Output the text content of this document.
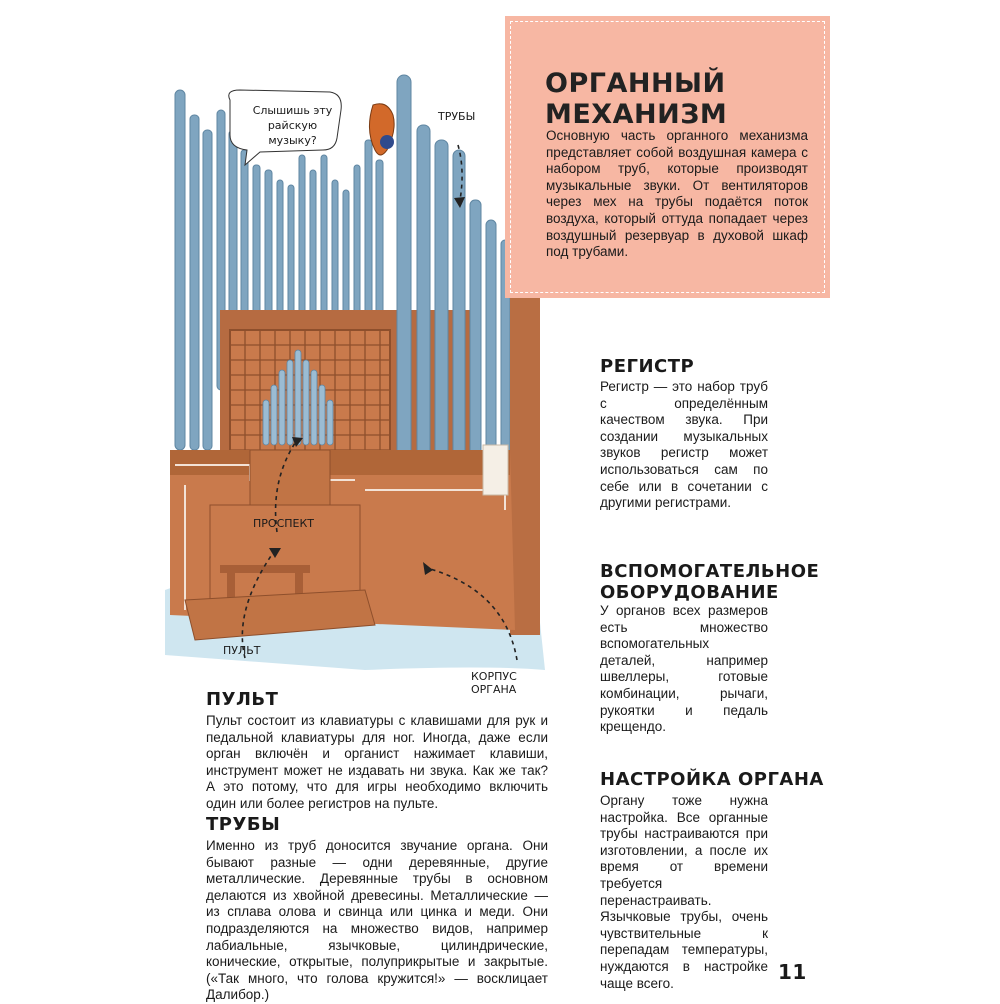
Слышишь эту райскую музыку?
ТРУБЫ
ПРОСПЕКТ
ПУЛЬТ
КОРПУС ОРГАНА
ОРГАННЫЙ МЕХАНИЗМ
Основную часть органного механизма представляет собой воздушная камера с набором труб, которые производят музыкальные звуки. От вентиляторов через мех на трубы подаётся поток воздуха, который оттуда попадает через воздушный резервуар в духовой шкаф под трубами.
РЕГИСТР
Регистр — это набор труб с определённым качеством звука. При создании музыкальных звуков регистр может использоваться сам по себе или в сочетании с другими регистрами.
ВСПОМОГАТЕЛЬНОЕ ОБОРУДОВАНИЕ
У органов всех размеров есть множество вспомогательных деталей, например швеллеры, готовые комбинации, рычаги, рукоятки и педаль крещендо.
НАСТРОЙКА ОРГАНА
Органу тоже нужна настройка. Все органные трубы настраиваются при изготовлении, а после их время от времени требуется перенастраивать. Язычковые трубы, очень чувствительные к перепадам температуры, нуждаются в настройке чаще всего.
ПУЛЬТ
Пульт состоит из клавиатуры с клавишами для рук и педальной клавиатуры для ног. Иногда, даже если орган включён и органист нажимает клавиши, инструмент может не издавать ни звука. Как же так? А это потому, что для игры необходимо включить один или более регистров на пульте.
ТРУБЫ
Именно из труб доносится звучание органа. Они бывают разные — одни деревянные, другие металлические. Деревянные трубы в основном делаются из хвойной древесины. Металлические — из сплава олова и свинца или цинка и меди. Они подразделяются на множество видов, например лабиальные, язычковые, цилиндрические, конические, открытые, полуприкрытые и закрытые. («Так много, что голова кружится!» — восклицает Далибор.)
11
